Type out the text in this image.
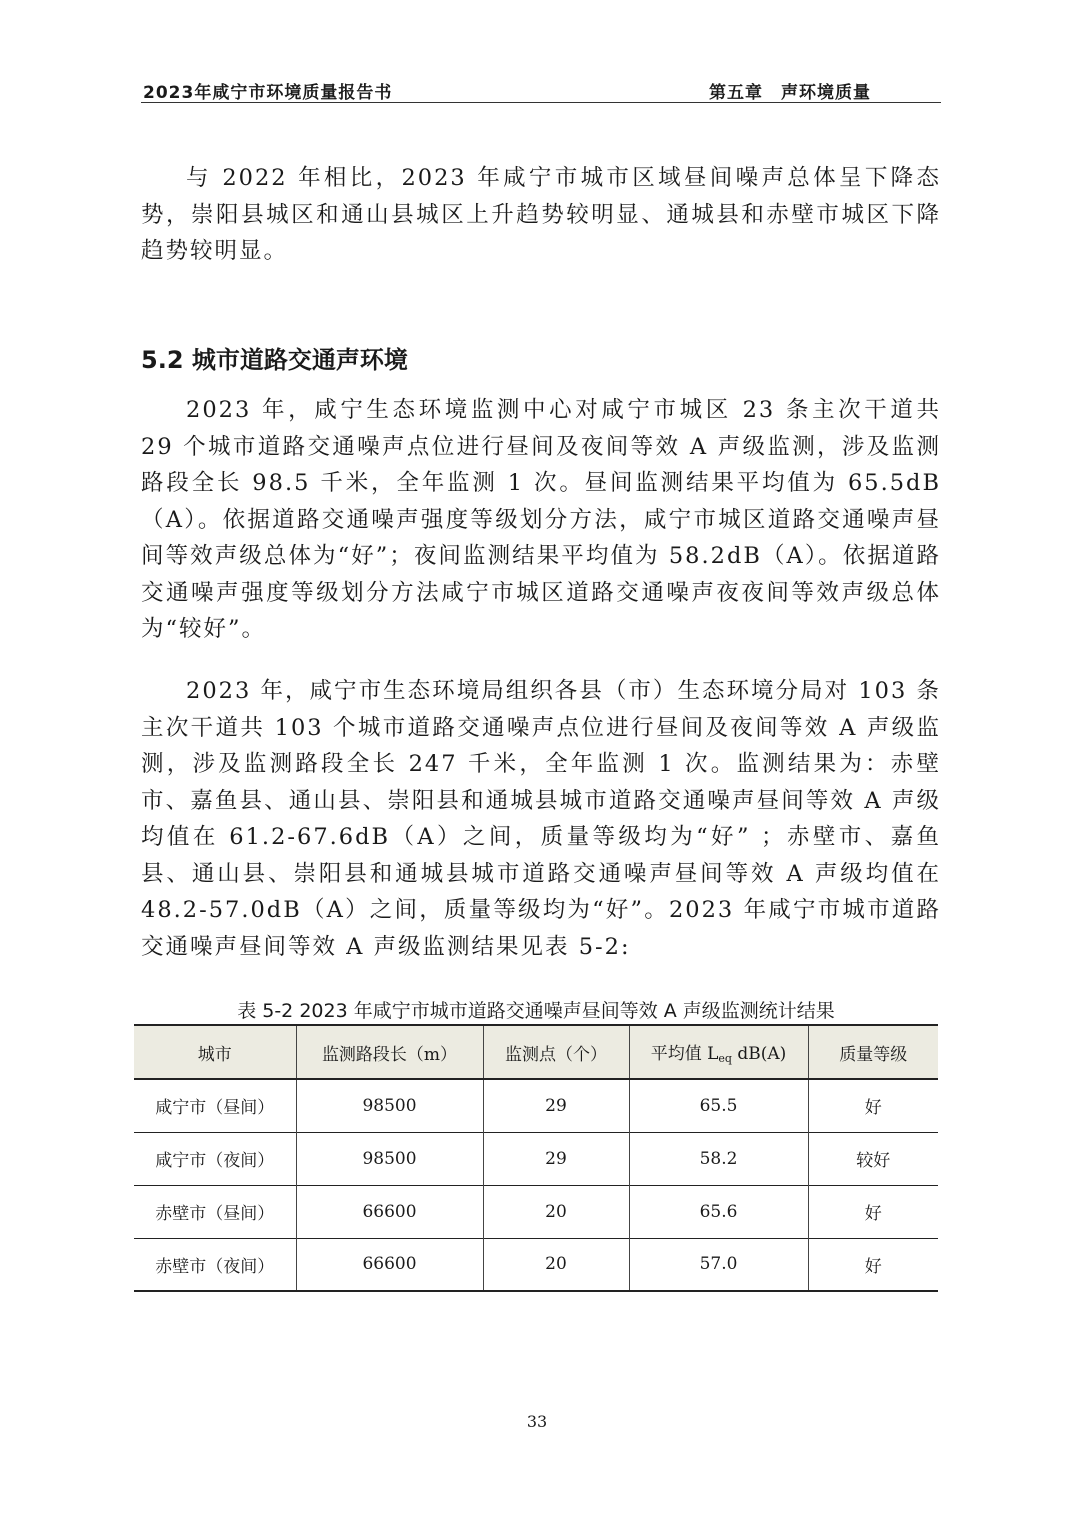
2023年咸宁市环境质量报告书	第五章　声环境质量

与 2022 年相比，2023 年咸宁市城市区域昼间噪声总体呈下降态势，崇阳县城区和通山县城区上升趋势较明显、通城县和赤壁市城区下降趋势较明显。

5.2 城市道路交通声环境

2023 年，咸宁生态环境监测中心对咸宁市城区 23 条主次干道共 29 个城市道路交通噪声点位进行昼间及夜间等效 A 声级监测，涉及监测路段全长 98.5 千米，全年监测 1 次。昼间监测结果平均值为 65.5dB（A）。依据道路交通噪声强度等级划分方法，咸宁市城区道路交通噪声昼间等效声级总体为“好”；夜间监测结果平均值为 58.2dB（A）。依据道路交通噪声强度等级划分方法咸宁市城区道路交通噪声夜夜间等效声级总体为“较好”。

2023 年，咸宁市生态环境局组织各县（市）生态环境分局对 103 条主次干道共 103 个城市道路交通噪声点位进行昼间及夜间等效 A 声级监测，涉及监测路段全长 247 千米，全年监测 1 次。监测结果为：赤壁市、嘉鱼县、通山县、崇阳县和通城县城市道路交通噪声昼间等效 A 声级均值在 61.2-67.6dB（A）之间，质量等级均为“好” ；赤壁市、嘉鱼县、通山县、崇阳县和通城县城市道路交通噪声昼间等效 A 声级均值在 48.2-57.0dB（A）之间，质量等级均为“好”。2023 年咸宁市城市道路交通噪声昼间等效 A 声级监测结果见表 5-2:

表 5-2 2023 年咸宁市城市道路交通噪声昼间等效 A 声级监测统计结果

城市	监测路段长（m）	监测点（个）	平均值 $L_{eq}$ dB(A)	质量等级
咸宁市（昼间）	98500	29	65.5	好
咸宁市（夜间）	98500	29	58.2	较好
赤壁市（昼间）	66600	20	65.6	好
赤壁市（夜间）	66600	20	57.0	好
33
